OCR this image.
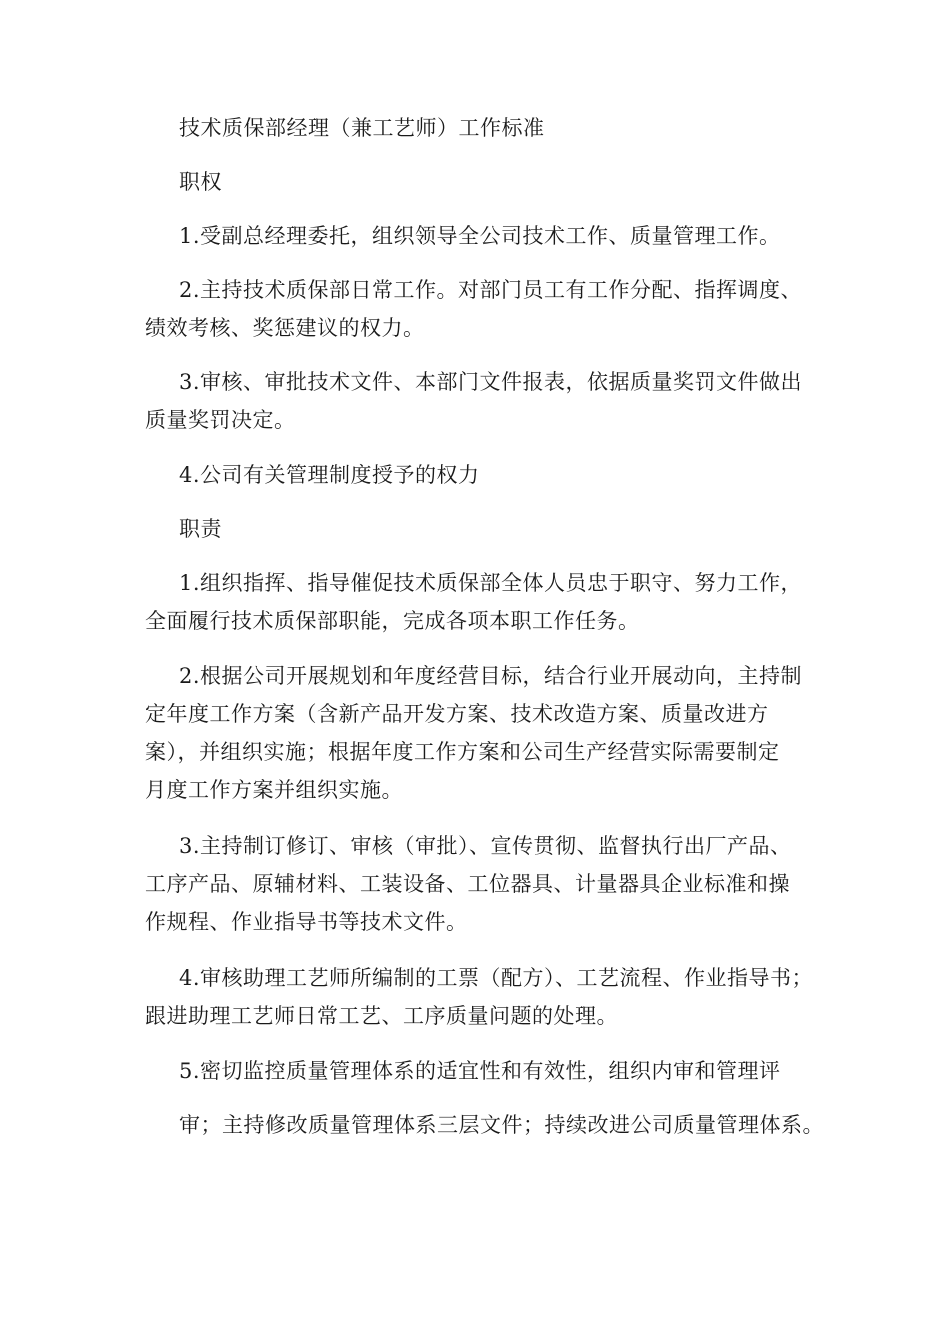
技术质保部经理（兼工艺师）工作标准
职权
1.受副总经理委托，组织领导全公司技术工作、质量管理工作。
2.主持技术质保部日常工作。对部门员工有工作分配、指挥调度、
绩效考核、奖惩建议的权力。
3.审核、审批技术文件、本部门文件报表，依据质量奖罚文件做出
质量奖罚决定。
4.公司有关管理制度授予的权力
职责
1.组织指挥、指导催促技术质保部全体人员忠于职守、努力工作，
全面履行技术质保部职能，完成各项本职工作任务。
2.根据公司开展规划和年度经营目标，结合行业开展动向，主持制
定年度工作方案（含新产品开发方案、技术改造方案、质量改进方
案），并组织实施；根据年度工作方案和公司生产经营实际需要制定
月度工作方案并组织实施。
3.主持制订修订、审核（审批）、宣传贯彻、监督执行出厂产品、
工序产品、原辅材料、工装设备、工位器具、计量器具企业标准和操
作规程、作业指导书等技术文件。
4.审核助理工艺师所编制的工票（配方）、工艺流程、作业指导书；
跟进助理工艺师日常工艺、工序质量问题的处理。
5.密切监控质量管理体系的适宜性和有效性，组织内审和管理评
审；主持修改质量管理体系三层文件；持续改进公司质量管理体系。
